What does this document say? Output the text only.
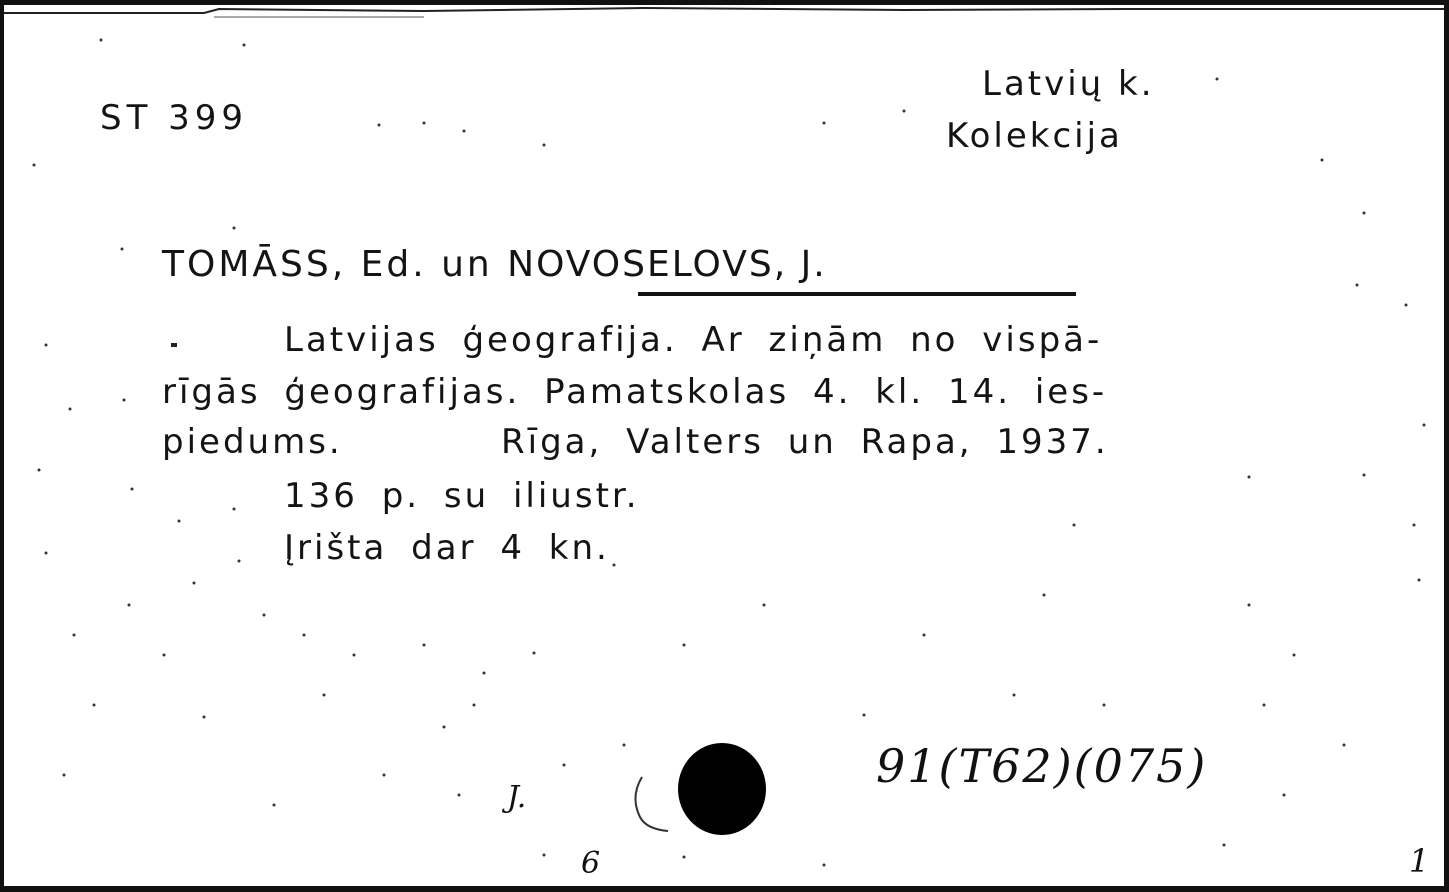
ST 399

Latvių k.

Kolekcija

TOMĀSS, Ed. un NOVOSELOVS, J.

Latvijas ģeografija. Ar ziņām no vispā-

rīgās ģeografijas. Pamatskolas 4. kl. 14. ies-

piedums.	Rīga, Valters un Rapa, 1937.

136 p. su iliustr.

Įrišta dar 4 kn.

J.
91(T62)(075)
6	1
